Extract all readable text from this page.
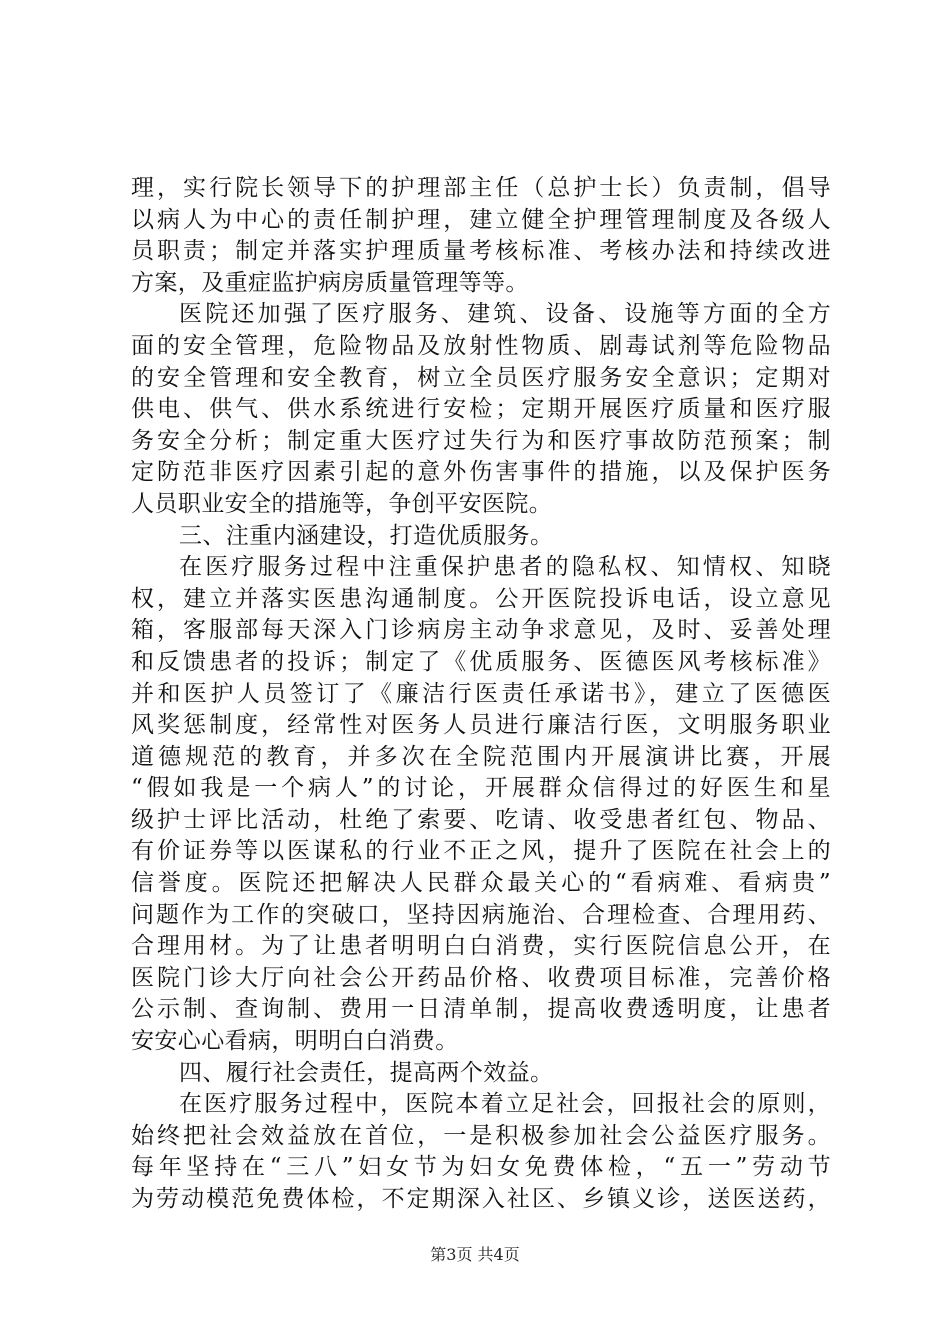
理，实行院长领导下的护理部主任（总护士长）负责制，倡导
以病人为中心的责任制护理，建立健全护理管理制度及各级人
员职责；制定并落实护理质量考核标准、考核办法和持续改进
方案，及重症监护病房质量管理等等。
医院还加强了医疗服务、建筑、设备、设施等方面的全方
面的安全管理，危险物品及放射性物质、剧毒试剂等危险物品
的安全管理和安全教育，树立全员医疗服务安全意识；定期对
供电、供气、供水系统进行安检；定期开展医疗质量和医疗服
务安全分析；制定重大医疗过失行为和医疗事故防范预案；制
定防范非医疗因素引起的意外伤害事件的措施，以及保护医务
人员职业安全的措施等，争创平安医院。
三、注重内涵建设，打造优质服务。
在医疗服务过程中注重保护患者的隐私权、知情权、知晓
权，建立并落实医患沟通制度。公开医院投诉电话，设立意见
箱，客服部每天深入门诊病房主动争求意见，及时、妥善处理
和反馈患者的投诉；制定了《优质服务、医德医风考核标准》
并和医护人员签订了《廉洁行医责任承诺书》，建立了医德医
风奖惩制度，经常性对医务人员进行廉洁行医，文明服务职业
道德规范的教育，并多次在全院范围内开展演讲比赛，开展
“假如我是一个病人”的讨论，开展群众信得过的好医生和星
级护士评比活动，杜绝了索要、吃请、收受患者红包、物品、
有价证券等以医谋私的行业不正之风，提升了医院在社会上的
信誉度。医院还把解决人民群众最关心的“看病难、看病贵”
问题作为工作的突破口，坚持因病施治、合理检查、合理用药、
合理用材。为了让患者明明白白消费，实行医院信息公开，在
医院门诊大厅向社会公开药品价格、收费项目标准，完善价格
公示制、查询制、费用一日清单制，提高收费透明度，让患者
安安心心看病，明明白白消费。
四、履行社会责任，提高两个效益。
在医疗服务过程中，医院本着立足社会，回报社会的原则，
始终把社会效益放在首位，一是积极参加社会公益医疗服务。
每年坚持在“三八”妇女节为妇女免费体检，“五一”劳动节
为劳动模范免费体检，不定期深入社区、乡镇义诊，送医送药，
第3页 共4页
